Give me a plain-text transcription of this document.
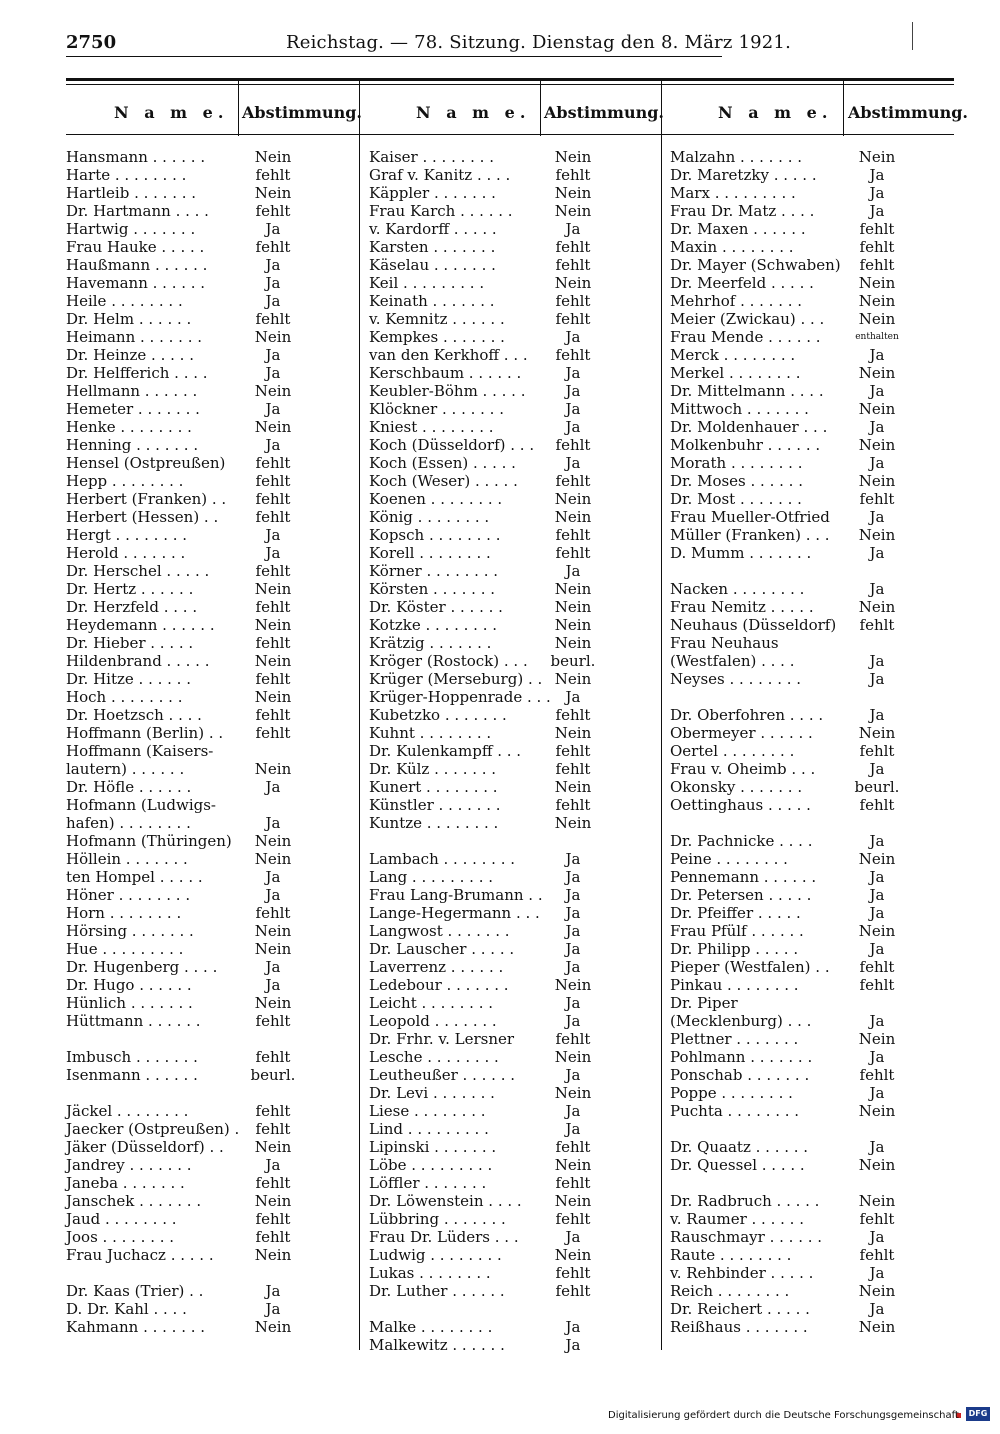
2750	Reichstag. — 78. Sitzung. Dienstag den 8. März 1921.
N a m e. Abstimmung.	N a m e. Abstimmung.	N a m e. Abstimmung.
Hansmann . . . . . .	Nein
Harte . . . . . . . .	fehlt
Hartleib . . . . . . .	Nein
Dr. Hartmann . . . .	fehlt
Hartwig . . . . . . .	Ja
Frau Hauke . . . . .	fehlt
Haußmann . . . . . .	Ja
Havemann . . . . . .	Ja
Heile . . . . . . . .	Ja
Dr. Helm . . . . . .	fehlt
Heimann . . . . . . .	Nein
Dr. Heinze . . . . .	Ja
Dr. Helfferich . . . .	Ja
Hellmann . . . . . .	Nein
Hemeter . . . . . . .	Ja
Henke . . . . . . . .	Nein
Henning . . . . . . .	Ja
Hensel (Ostpreußen)	fehlt
Hepp . . . . . . . .	fehlt
Herbert (Franken) . .	fehlt
Herbert (Hessen) . .	fehlt
Hergt . . . . . . . .	Ja
Herold . . . . . . .	Ja
Dr. Herschel . . . . .	fehlt
Dr. Hertz . . . . . .	Nein
Dr. Herzfeld . . . .	fehlt
Heydemann . . . . . .	Nein
Dr. Hieber . . . . .	fehlt
Hildenbrand . . . . .	Nein
Dr. Hitze . . . . . .	fehlt
Hoch . . . . . . . .	Nein
Dr. Hoetzsch . . . .	fehlt
Hoffmann (Berlin) . .	fehlt
Hoffmann (Kaisers-
lautern) . . . . . .	Nein
Dr. Höfle . . . . . .	Ja
Hofmann (Ludwigs-
hafen) . . . . . . . .	Ja
Hofmann (Thüringen)	Nein
Höllein . . . . . . .	Nein
ten Hompel . . . . .	Ja
Höner . . . . . . . .	Ja
Horn . . . . . . . .	fehlt
Hörsing . . . . . . .	Nein
Hue . . . . . . . . .	Nein
Dr. Hugenberg . . . .	Ja
Dr. Hugo . . . . . .	Ja
Hünlich . . . . . . .	Nein
Hüttmann . . . . . .	fehlt
Imbusch . . . . . . .	fehlt
Isenmann . . . . . .	beurl.
Jäckel . . . . . . . .	fehlt
Jaecker (Ostpreußen) .	fehlt
Jäker (Düsseldorf) . .	Nein
Jandrey . . . . . . .	Ja
Janeba . . . . . . .	fehlt
Janschek . . . . . . .	Nein
Jaud . . . . . . . .	fehlt
Joos . . . . . . . .	fehlt
Frau Juchacz . . . . .	Nein
Dr. Kaas (Trier) . .	Ja
D. Dr. Kahl . . . .	Ja
Kahmann . . . . . . .	Nein
Kaiser . . . . . . . .	Nein
Graf v. Kanitz . . . .	fehlt
Käppler . . . . . . .	Nein
Frau Karch . . . . . .	Nein
v. Kardorff . . . . .	Ja
Karsten . . . . . . .	fehlt
Käselau . . . . . . .	fehlt
Keil . . . . . . . . .	Nein
Keinath . . . . . . .	fehlt
v. Kemnitz . . . . . .	fehlt
Kempkes . . . . . . .	Ja
van den Kerkhoff . . .	fehlt
Kerschbaum . . . . . .	Ja
Keubler-Böhm . . . . .	Ja
Klöckner . . . . . . .	Ja
Kniest . . . . . . . .	Ja
Koch (Düsseldorf) . . .	fehlt
Koch (Essen) . . . . .	Ja
Koch (Weser) . . . . .	fehlt
Koenen . . . . . . . .	Nein
König . . . . . . . .	Nein
Kopsch . . . . . . . .	fehlt
Korell . . . . . . . .	fehlt
Körner . . . . . . . .	Ja
Körsten . . . . . . .	Nein
Dr. Köster . . . . . .	Nein
Kotzke . . . . . . . .	Nein
Krätzig . . . . . . .	Nein
Kröger (Rostock) . . .	beurl.
Krüger (Merseburg) . . Nein
Krüger-Hoppenrade . . . Ja
Kubetzko . . . . . . .	fehlt
Kuhnt . . . . . . . .	Nein
Dr. Kulenkampff . . .	fehlt
Dr. Külz . . . . . . .	fehlt
Kunert . . . . . . . .	Nein
Künstler . . . . . . .	fehlt
Kuntze . . . . . . . .	Nein
Lambach . . . . . . . .	Ja
Lang . . . . . . . . .	Ja
Frau Lang-Brumann . .	Ja
Lange-Hegermann . . .	Ja
Langwost . . . . . . .	Ja
Dr. Lauscher . . . . .	Ja
Laverrenz . . . . . .	Ja
Ledebour . . . . . . .	Nein
Leicht . . . . . . . .	Ja
Leopold . . . . . . .	Ja
Dr. Frhr. v. Lersner	fehlt
Lesche . . . . . . . .	Nein
Leutheußer . . . . . .	Ja
Dr. Levi . . . . . . .	Nein
Liese . . . . . . . .	Ja
Lind . . . . . . . . .	Ja
Lipinski . . . . . . .	fehlt
Löbe . . . . . . . . .	Nein
Löffler . . . . . . .	fehlt
Dr. Löwenstein . . . .	Nein
Lübbring . . . . . . .	fehlt
Frau Dr. Lüders . . .	Ja
Ludwig . . . . . . . .	Nein
Lukas . . . . . . . .	fehlt
Dr. Luther . . . . . .	fehlt
Malke . . . . . . . .	Ja
Malkewitz . . . . . .	Ja
Malzahn . . . . . . .	Nein
Dr. Maretzky . . . . .	Ja
Marx . . . . . . . . .	Ja
Frau Dr. Matz . . . .	Ja
Dr. Maxen . . . . . .	fehlt
Maxin . . . . . . . .	fehlt
Dr. Mayer (Schwaben)	fehlt
Dr. Meerfeld . . . . .	Nein
Mehrhof . . . . . . .	Nein
Meier (Zwickau) . . .	Nein
Frau Mende . . . . . .	enthalten
Merck . . . . . . . .	Ja
Merkel . . . . . . . .	Nein
Dr. Mittelmann . . . .	Ja
Mittwoch . . . . . . .	Nein
Dr. Moldenhauer . . .	Ja
Molkenbuhr . . . . . .	Nein
Morath . . . . . . . .	Ja
Dr. Moses . . . . . .	Nein
Dr. Most . . . . . . .	fehlt
Frau Mueller-Otfried	Ja
Müller (Franken) . . .	Nein
D. Mumm . . . . . . .	Ja
Nacken . . . . . . . .	Ja
Frau Nemitz . . . . .	Nein
Neuhaus (Düsseldorf)	fehlt
Frau Neuhaus
(Westfalen) . . . .	Ja
Neyses . . . . . . . .	Ja
Dr. Oberfohren . . . .	Ja
Obermeyer . . . . . .	Nein
Oertel . . . . . . . .	fehlt
Frau v. Oheimb . . .	Ja
Okonsky . . . . . . .	beurl.
Oettinghaus . . . . .	fehlt
Dr. Pachnicke . . . .	Ja
Peine . . . . . . . .	Nein
Pennemann . . . . . .	Ja
Dr. Petersen . . . . .	Ja
Dr. Pfeiffer . . . . .	Ja
Frau Pfülf . . . . . .	Nein
Dr. Philipp . . . . .	Ja
Pieper (Westfalen) . .	fehlt
Pinkau . . . . . . . .	fehlt
Dr. Piper
(Mecklenburg) . . .	Ja
Plettner . . . . . . .	Nein
Pohlmann . . . . . . .	Ja
Ponschab . . . . . . .	fehlt
Poppe . . . . . . . .	Ja
Puchta . . . . . . . .	Nein
Dr. Quaatz . . . . . .	Ja
Dr. Quessel . . . . .	Nein
Dr. Radbruch . . . . .	Nein
v. Raumer . . . . . .	fehlt
Rauschmayr . . . . . .	Ja
Raute . . . . . . . .	fehlt
v. Rehbinder . . . . .	Ja
Reich . . . . . . . .	Nein
Dr. Reichert . . . . .	Ja
Reißhaus . . . . . . .	Nein
Digitalisierung gefördert durch die Deutsche Forschungsgemeinschaft	DFG
